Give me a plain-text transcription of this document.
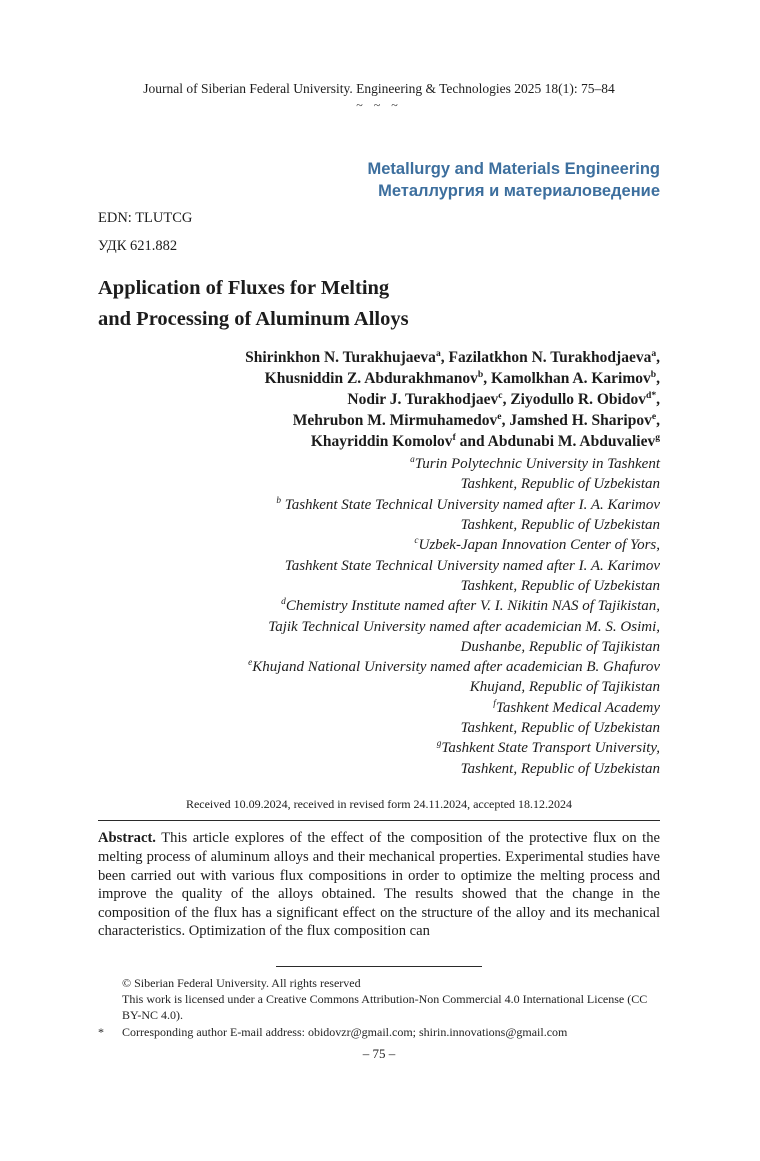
Journal of Siberian Federal University. Engineering & Technologies 2025 18(1): 75–84
~ ~ ~
Metallurgy and Materials Engineering
Металлургия и материаловедение
EDN: TLUTCG
УДК 621.882
Application of Fluxes for Melting
and Processing of Aluminum Alloys
Shirinkhon N. Turakhujaeva$^a$, Fazilatkhon N. Turakhodjaeva$^a$,
Khusniddin Z. Abdurakhmanov$^b$, Kamolkhan A. Karimov$^b$,
Nodir J. Turakhodjaev$^c$, Ziyodullo R. Obidov$^{d*}$,
Mehrubon M. Mirmuhamedov$^e$, Jamshed H. Sharipov$^e$,
Khayriddin Komolov$^f$ and Abdunabi M. Abduvaliev$^g$
$^a$Turin Polytechnic University in Tashkent
Tashkent, Republic of Uzbekistan
$^b$ Tashkent State Technical University named after I. A. Karimov
Tashkent, Republic of Uzbekistan
$^c$Uzbek-Japan Innovation Center of Yors,
Tashkent State Technical University named after I. A. Karimov
Tashkent, Republic of Uzbekistan
$^d$Chemistry Institute named after V. I. Nikitin NAS of Tajikistan,
Tajik Technical University named after academician M. S. Osimi,
Dushanbe, Republic of Tajikistan
$^e$Khujand National University named after academician B. Ghafurov
Khujand, Republic of Tajikistan
$^f$Tashkent Medical Academy
Tashkent, Republic of Uzbekistan
$^g$Tashkent State Transport University,
Tashkent, Republic of Uzbekistan
Received 10.09.2024, received in revised form 24.11.2024, accepted 18.12.2024
Abstract. This article explores of the effect of the composition of the protective flux on the melting process of aluminum alloys and their mechanical properties. Experimental studies have been carried out with various flux compositions in order to optimize the melting process and improve the quality of the alloys obtained. The results showed that the change in the composition of the flux has a significant effect on the structure of the alloy and its mechanical characteristics. Optimization of the flux composition can
© Siberian Federal University. All rights reserved
This work is licensed under a Creative Commons Attribution-Non Commercial 4.0 International License (CC BY-NC 4.0).
* Corresponding author E-mail address: obidovzr@gmail.com; shirin.innovations@gmail.com
– 75 –
